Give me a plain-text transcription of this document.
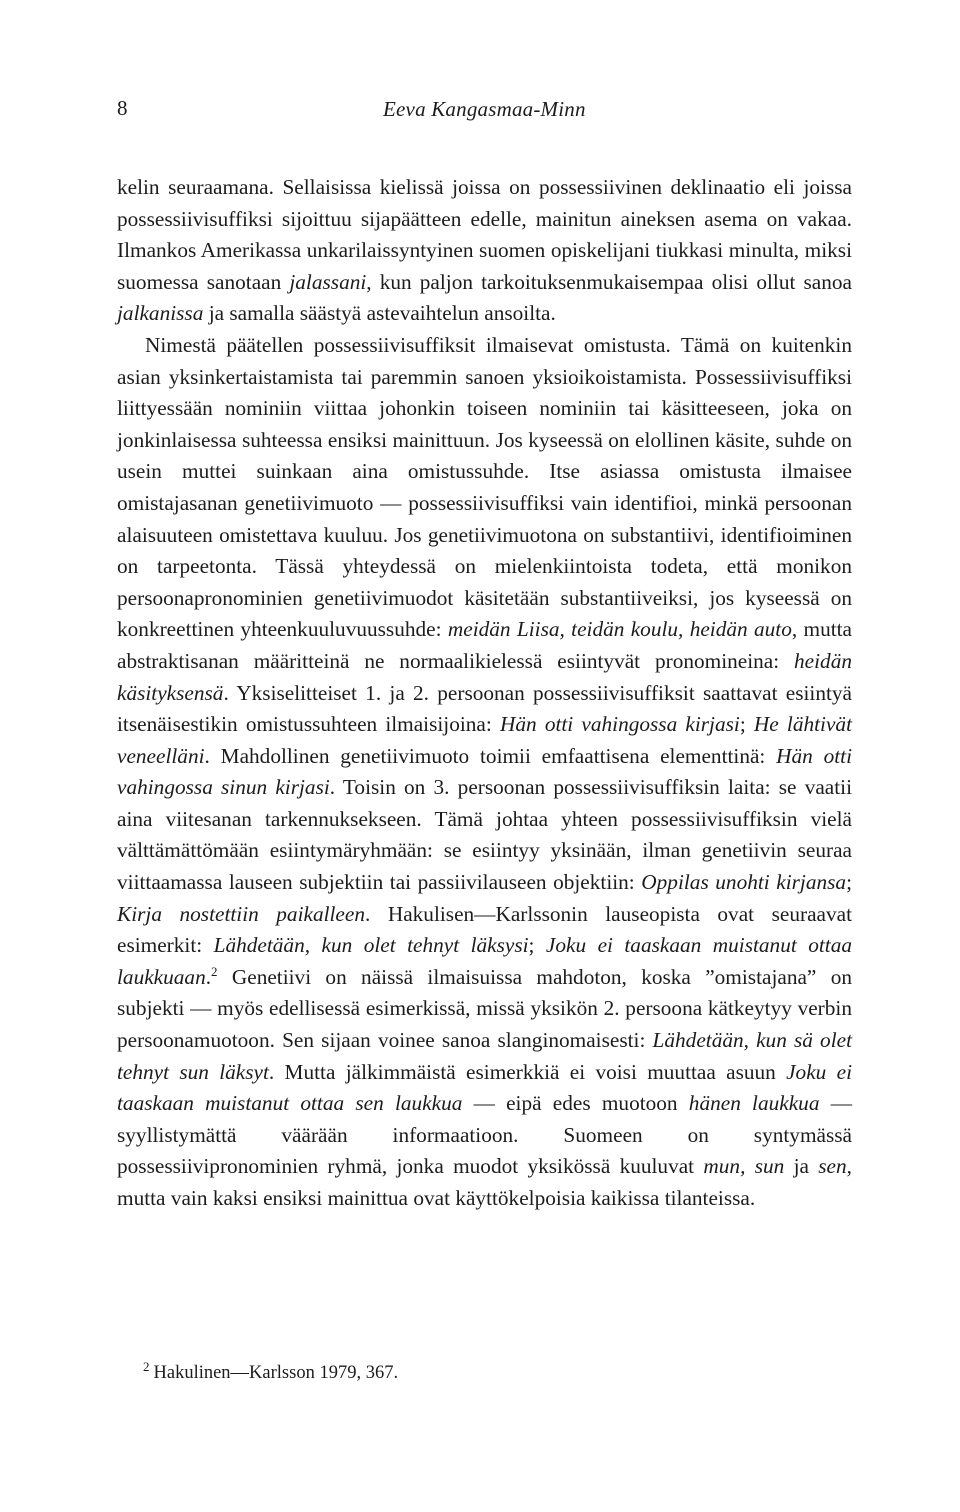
8	Eeva Kangasmaa-Minn

kelin seuraamana. Sellaisissa kielissä joissa on possessiivinen deklinaatio eli joissa possessiivisuffiksi sijoittuu sijapäätteen edelle, mainitun aineksen asema on vakaa. Ilmankos Amerikassa unkarilaissyntyinen suomen opiskelijani tiukkasi minulta, miksi suomessa sanotaan jalassani, kun paljon tarkoituksenmukaisempaa olisi ollut sanoa jalkanissa ja samalla säästyä astevaihtelun ansoilta.

Nimestä päätellen possessiivisuffiksit ilmaisevat omistusta. Tämä on kuitenkin asian yksinkertaistamista tai paremmin sanoen yksioikoistamista. Possessiivisuffiksi liittyessään nominiin viittaa johonkin toiseen nominiin tai käsitteeseen, joka on jonkinlaisessa suhteessa ensiksi mainittuun. Jos kyseessä on elollinen käsite, suhde on usein muttei suinkaan aina omistussuhde. Itse asiassa omistusta ilmaisee omistajasanan genetiivimuoto — possessiivisuffiksi vain identifioi, minkä persoonan alaisuuteen omistettava kuuluu. Jos genetiivimuotona on substantiivi, identifioiminen on tarpeetonta. Tässä yhteydessä on mielenkiintoista todeta, että monikon persoonapronominien genetiivimuodot käsitetään substantiiveiksi, jos kyseessä on konkreettinen yhteenkuuluvuussuhde: meidän Liisa, teidän koulu, heidän auto, mutta abstraktisanan määritteinä ne normaalikielessä esiintyvät pronomineina: heidän käsityksensä. Yksiselitteiset 1. ja 2. persoonan possessiivisuffiksit saattavat esiintyä itsenäisestikin omistussuhteen ilmaisijoina: Hän otti vahingossa kirjasi; He lähtivät veneelläni. Mahdollinen genetiivimuoto toimii emfaattisena elementtinä: Hän otti vahingossa sinun kirjasi. Toisin on 3. persoonan possessiivisuffiksin laita: se vaatii aina viitesanan tarkennuksekseen. Tämä johtaa yhteen possessiivisuffiksin vielä välttämättömään esiintymäryhmään: se esiintyy yksinään, ilman genetiivin seuraa viittaamassa lauseen subjektiin tai passiivilauseen objektiin: Oppilas unohti kirjansa; Kirja nostettiin paikalleen. Hakulisen—Karlssonin lauseopista ovat seuraavat esimerkit: Lähdetään, kun olet tehnyt läksysi; Joku ei taaskaan muistanut ottaa laukkuaan.$^2$ Genetiivi on näissä ilmaisuissa mahdoton, koska ”omistajana” on subjekti — myös edellisessä esimerkissä, missä yksikön 2. persoona kätkeytyy verbin persoonamuotoon. Sen sijaan voinee sanoa slanginomaisesti: Lähdetään, kun sä olet tehnyt sun läksyt. Mutta jälkimmäistä esimerkkiä ei voisi muuttaa asuun Joku ei taaskaan muistanut ottaa sen laukkua — eipä edes muotoon hänen laukkua — syyllistymättä väärään informaatioon. Suomeen on syntymässä possessiivipronominien ryhmä, jonka muodot yksikössä kuuluvat mun, sun ja sen, mutta vain kaksi ensiksi mainittua ovat käyttökelpoisia kaikissa tilanteissa.

$^2$ Hakulinen—Karlsson 1979, 367.
